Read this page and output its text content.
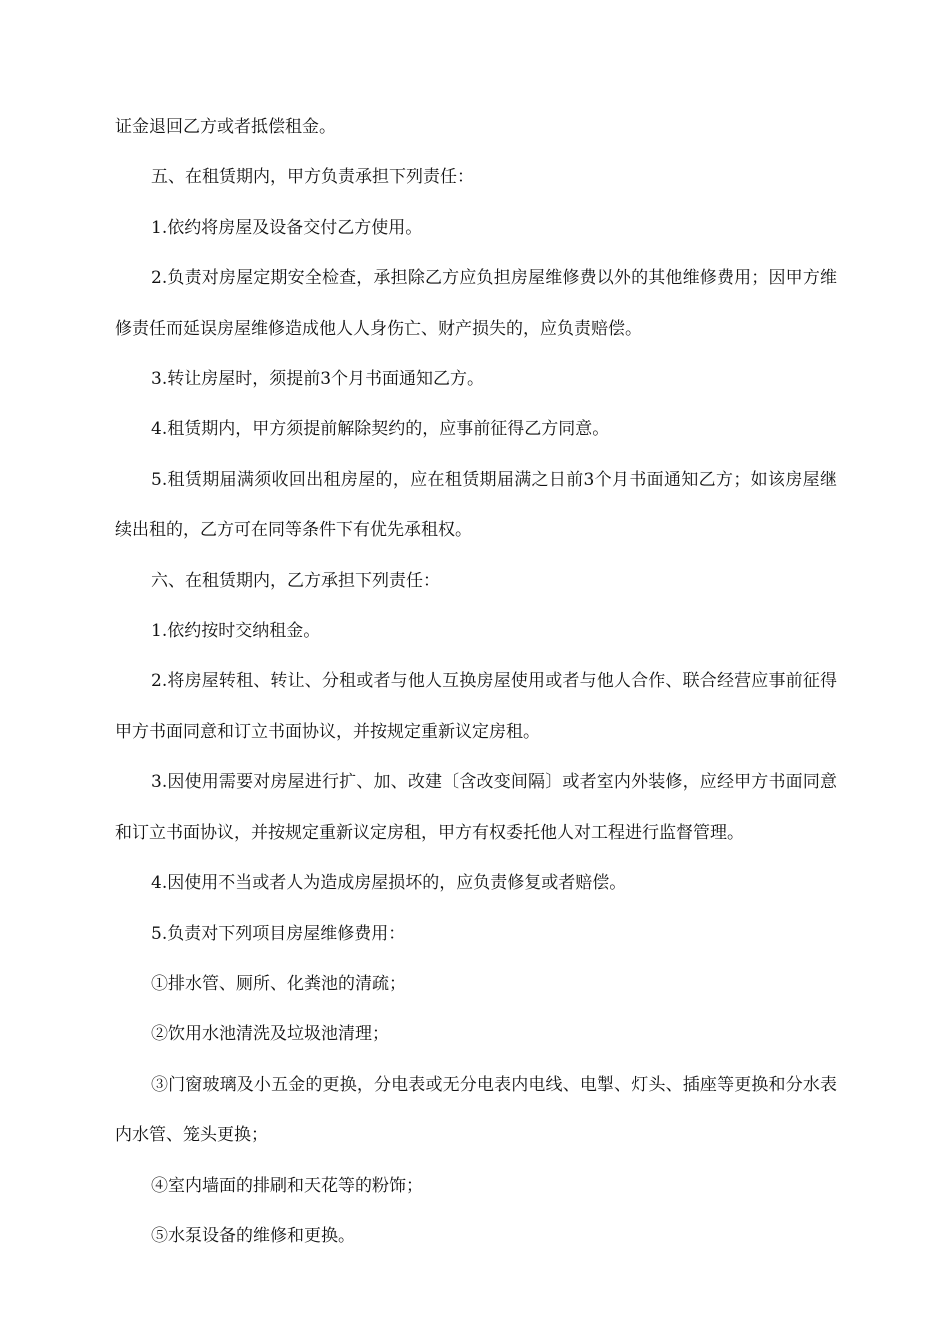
证金退回乙方或者抵偿租金。

五、在租赁期内，甲方负责承担下列责任：

1.依约将房屋及设备交付乙方使用。

2.负责对房屋定期安全检查，承担除乙方应负担房屋维修费以外的其他维修费用；因甲方维修责任而延误房屋维修造成他人人身伤亡、财产损失的，应负责赔偿。

3.转让房屋时，须提前3个月书面通知乙方。

4.租赁期内，甲方须提前解除契约的，应事前征得乙方同意。

5.租赁期届满须收回出租房屋的，应在租赁期届满之日前3个月书面通知乙方；如该房屋继续出租的，乙方可在同等条件下有优先承租权。

六、在租赁期内，乙方承担下列责任：

1.依约按时交纳租金。

2.将房屋转租、转让、分租或者与他人互换房屋使用或者与他人合作、联合经营应事前征得甲方书面同意和订立书面协议，并按规定重新议定房租。

3.因使用需要对房屋进行扩、加、改建〔含改变间隔〕或者室内外装修，应经甲方书面同意和订立书面协议，并按规定重新议定房租，甲方有权委托他人对工程进行监督管理。

4.因使用不当或者人为造成房屋损坏的，应负责修复或者赔偿。

5.负责对下列项目房屋维修费用：

①排水管、厕所、化粪池的清疏；

②饮用水池清洗及垃圾池清理；

③门窗玻璃及小五金的更换，分电表或无分电表内电线、电掣、灯头、插座等更换和分水表内水管、笼头更换；

④室内墙面的排刷和天花等的粉饰；

⑤水泵设备的维修和更换。
